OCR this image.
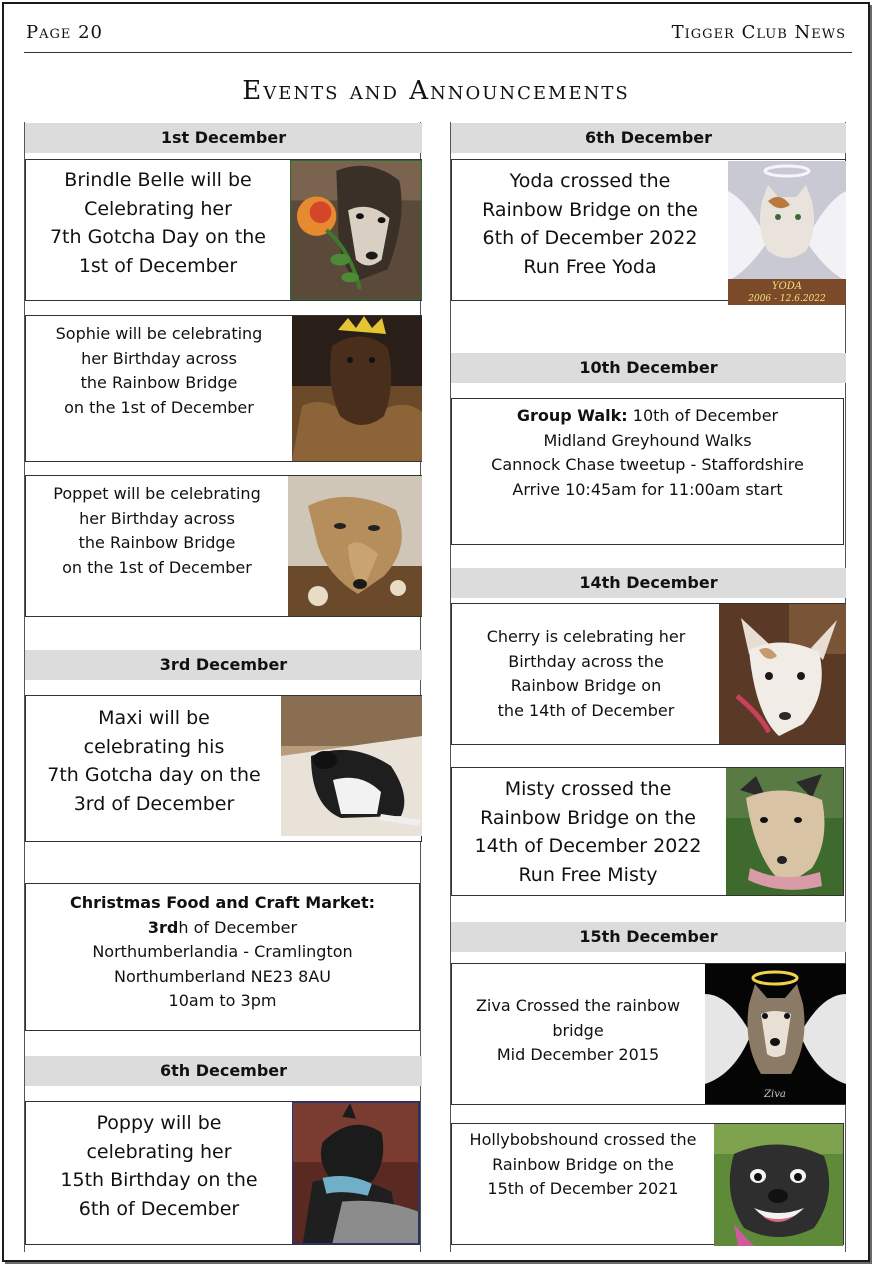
Page 20	Tigger Club News
Events and Announcements
1st December
Brindle Belle will be
Celebrating her
7th Gotcha Day on the
1st of December
Sophie will be celebrating
her Birthday across
the Rainbow Bridge
on the 1st of December
Poppet will be celebrating
her Birthday across
the Rainbow Bridge
on the 1st of December
3rd December
Maxi will be
celebrating his
7th Gotcha day on the
3rd of December
Christmas Food and Craft Market:
3rdh of December
Northumberlandia - Cramlington
Northumberland NE23 8AU
10am to 3pm
6th December
Poppy will be
celebrating her
15th Birthday on the
6th of December
6th December
Yoda crossed the
Rainbow Bridge on the
6th of December 2022
Run Free Yoda
YODA
2006 - 12.6.2022
10th December
Group Walk: 10th of December
Midland Greyhound Walks
Cannock Chase tweetup - Staffordshire
Arrive 10:45am for 11:00am start
14th December
Cherry is celebrating her
Birthday across the
Rainbow Bridge on
the 14th of December
Misty crossed the
Rainbow Bridge on the
14th of December 2022
Run Free Misty
15th December
Ziva Crossed the rainbow
bridge
Mid December 2015
Ziva
Hollybobshound crossed the
Rainbow Bridge on the
15th of December 2021
